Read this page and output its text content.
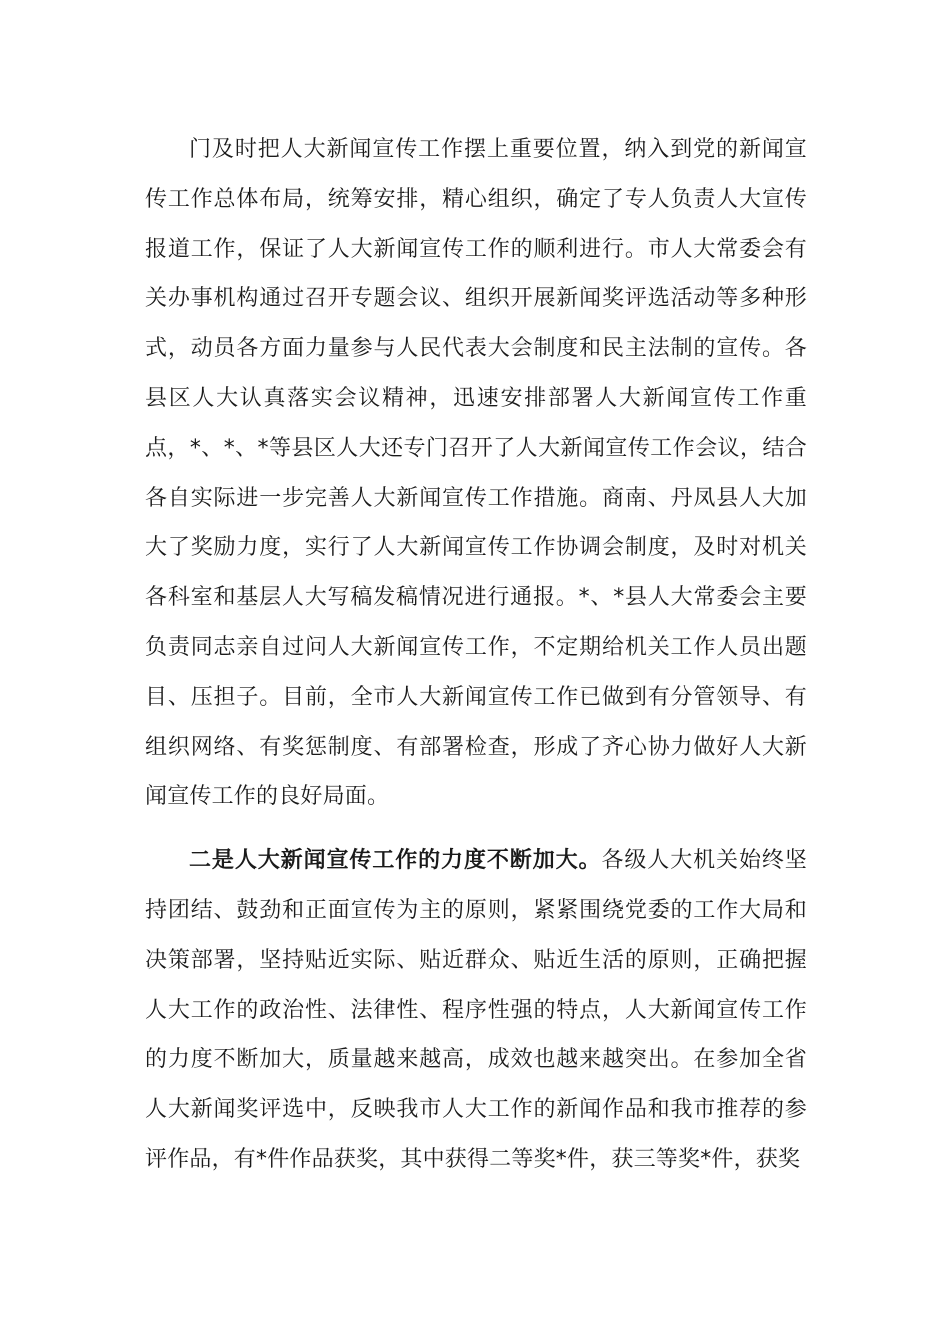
门及时把人大新闻宣传工作摆上重要位置，纳入到党的新闻宣传工作总体布局，统筹安排，精心组织，确定了专人负责人大宣传报道工作，保证了人大新闻宣传工作的顺利进行。市人大常委会有关办事机构通过召开专题会议、组织开展新闻奖评选活动等多种形式，动员各方面力量参与人民代表大会制度和民主法制的宣传。各县区人大认真落实会议精神，迅速安排部署人大新闻宣传工作重点，*、*、*等县区人大还专门召开了人大新闻宣传工作会议，结合各自实际进一步完善人大新闻宣传工作措施。商南、丹凤县人大加大了奖励力度，实行了人大新闻宣传工作协调会制度，及时对机关各科室和基层人大写稿发稿情况进行通报。*、*县人大常委会主要负责同志亲自过问人大新闻宣传工作，不定期给机关工作人员出题目、压担子。目前，全市人大新闻宣传工作已做到有分管领导、有组织网络、有奖惩制度、有部署检查，形成了齐心协力做好人大新闻宣传工作的良好局面。

二是人大新闻宣传工作的力度不断加大。各级人大机关始终坚持团结、鼓劲和正面宣传为主的原则，紧紧围绕党委的工作大局和决策部署，坚持贴近实际、贴近群众、贴近生活的原则，正确把握人大工作的政治性、法律性、程序性强的特点，人大新闻宣传工作的力度不断加大，质量越来越高，成效也越来越突出。在参加全省人大新闻奖评选中，反映我市人大工作的新闻作品和我市推荐的参评作品，有*件作品获奖，其中获得二等奖*件，获三等奖*件，获奖
